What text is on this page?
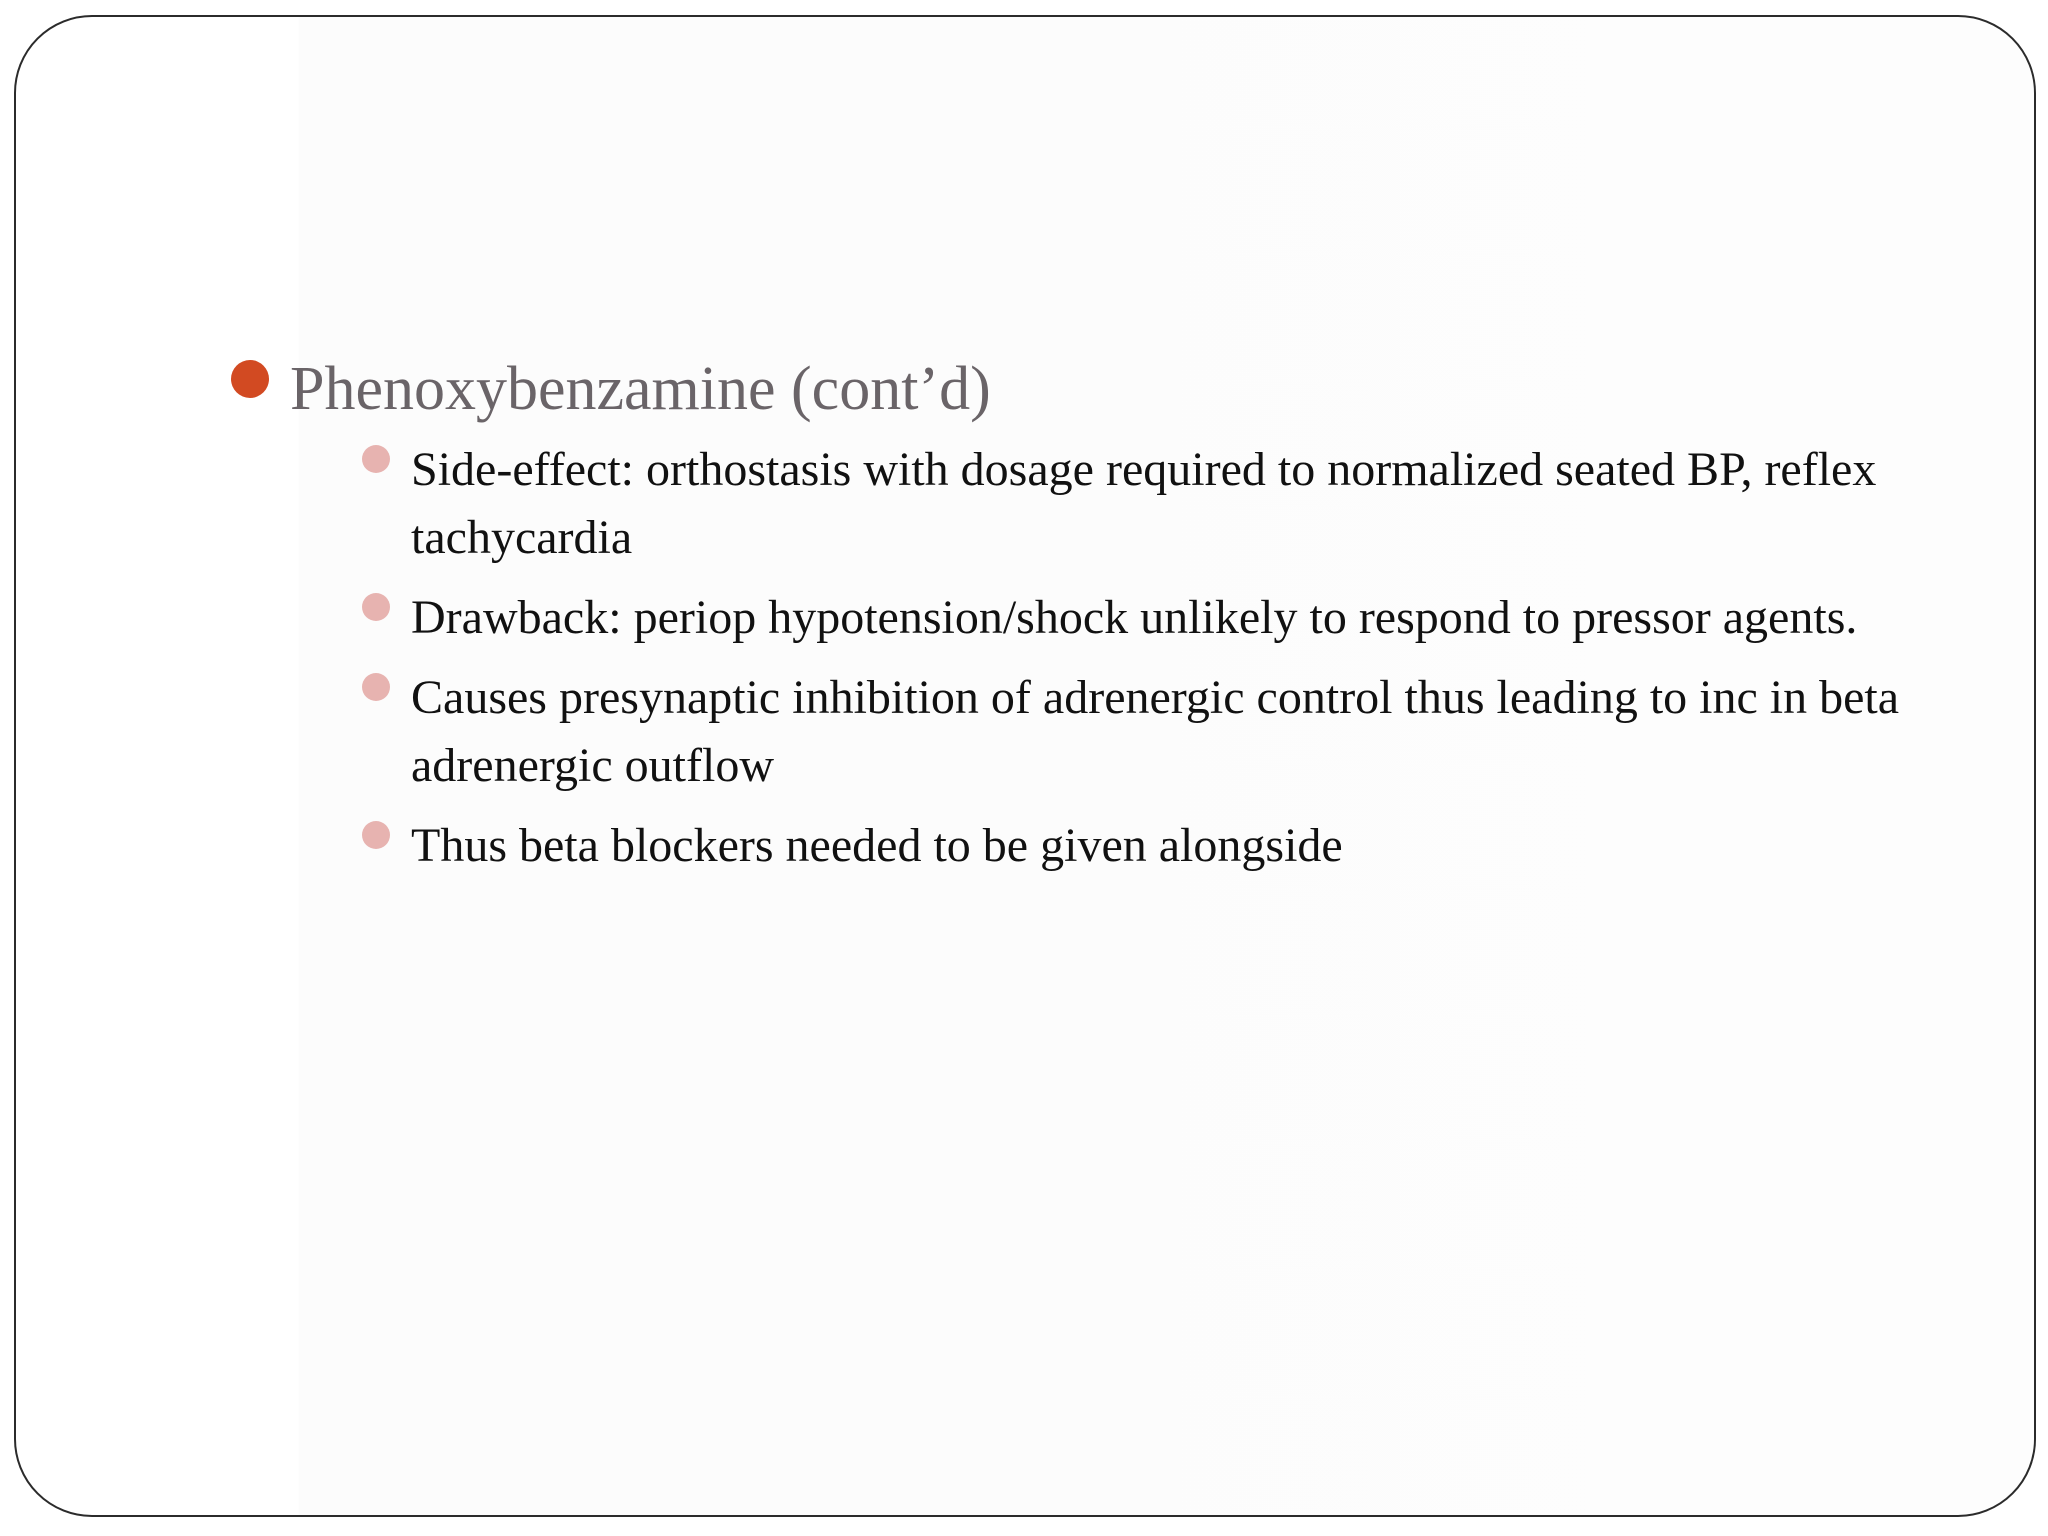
Phenoxybenzamine (cont’d)
Side-effect: orthostasis with dosage required to normalized seated BP, reflex tachycardia
Drawback: periop hypotension/shock unlikely to respond to pressor agents.
Causes presynaptic inhibition of adrenergic control thus leading to inc in beta adrenergic outflow
Thus beta blockers needed to be given alongside
